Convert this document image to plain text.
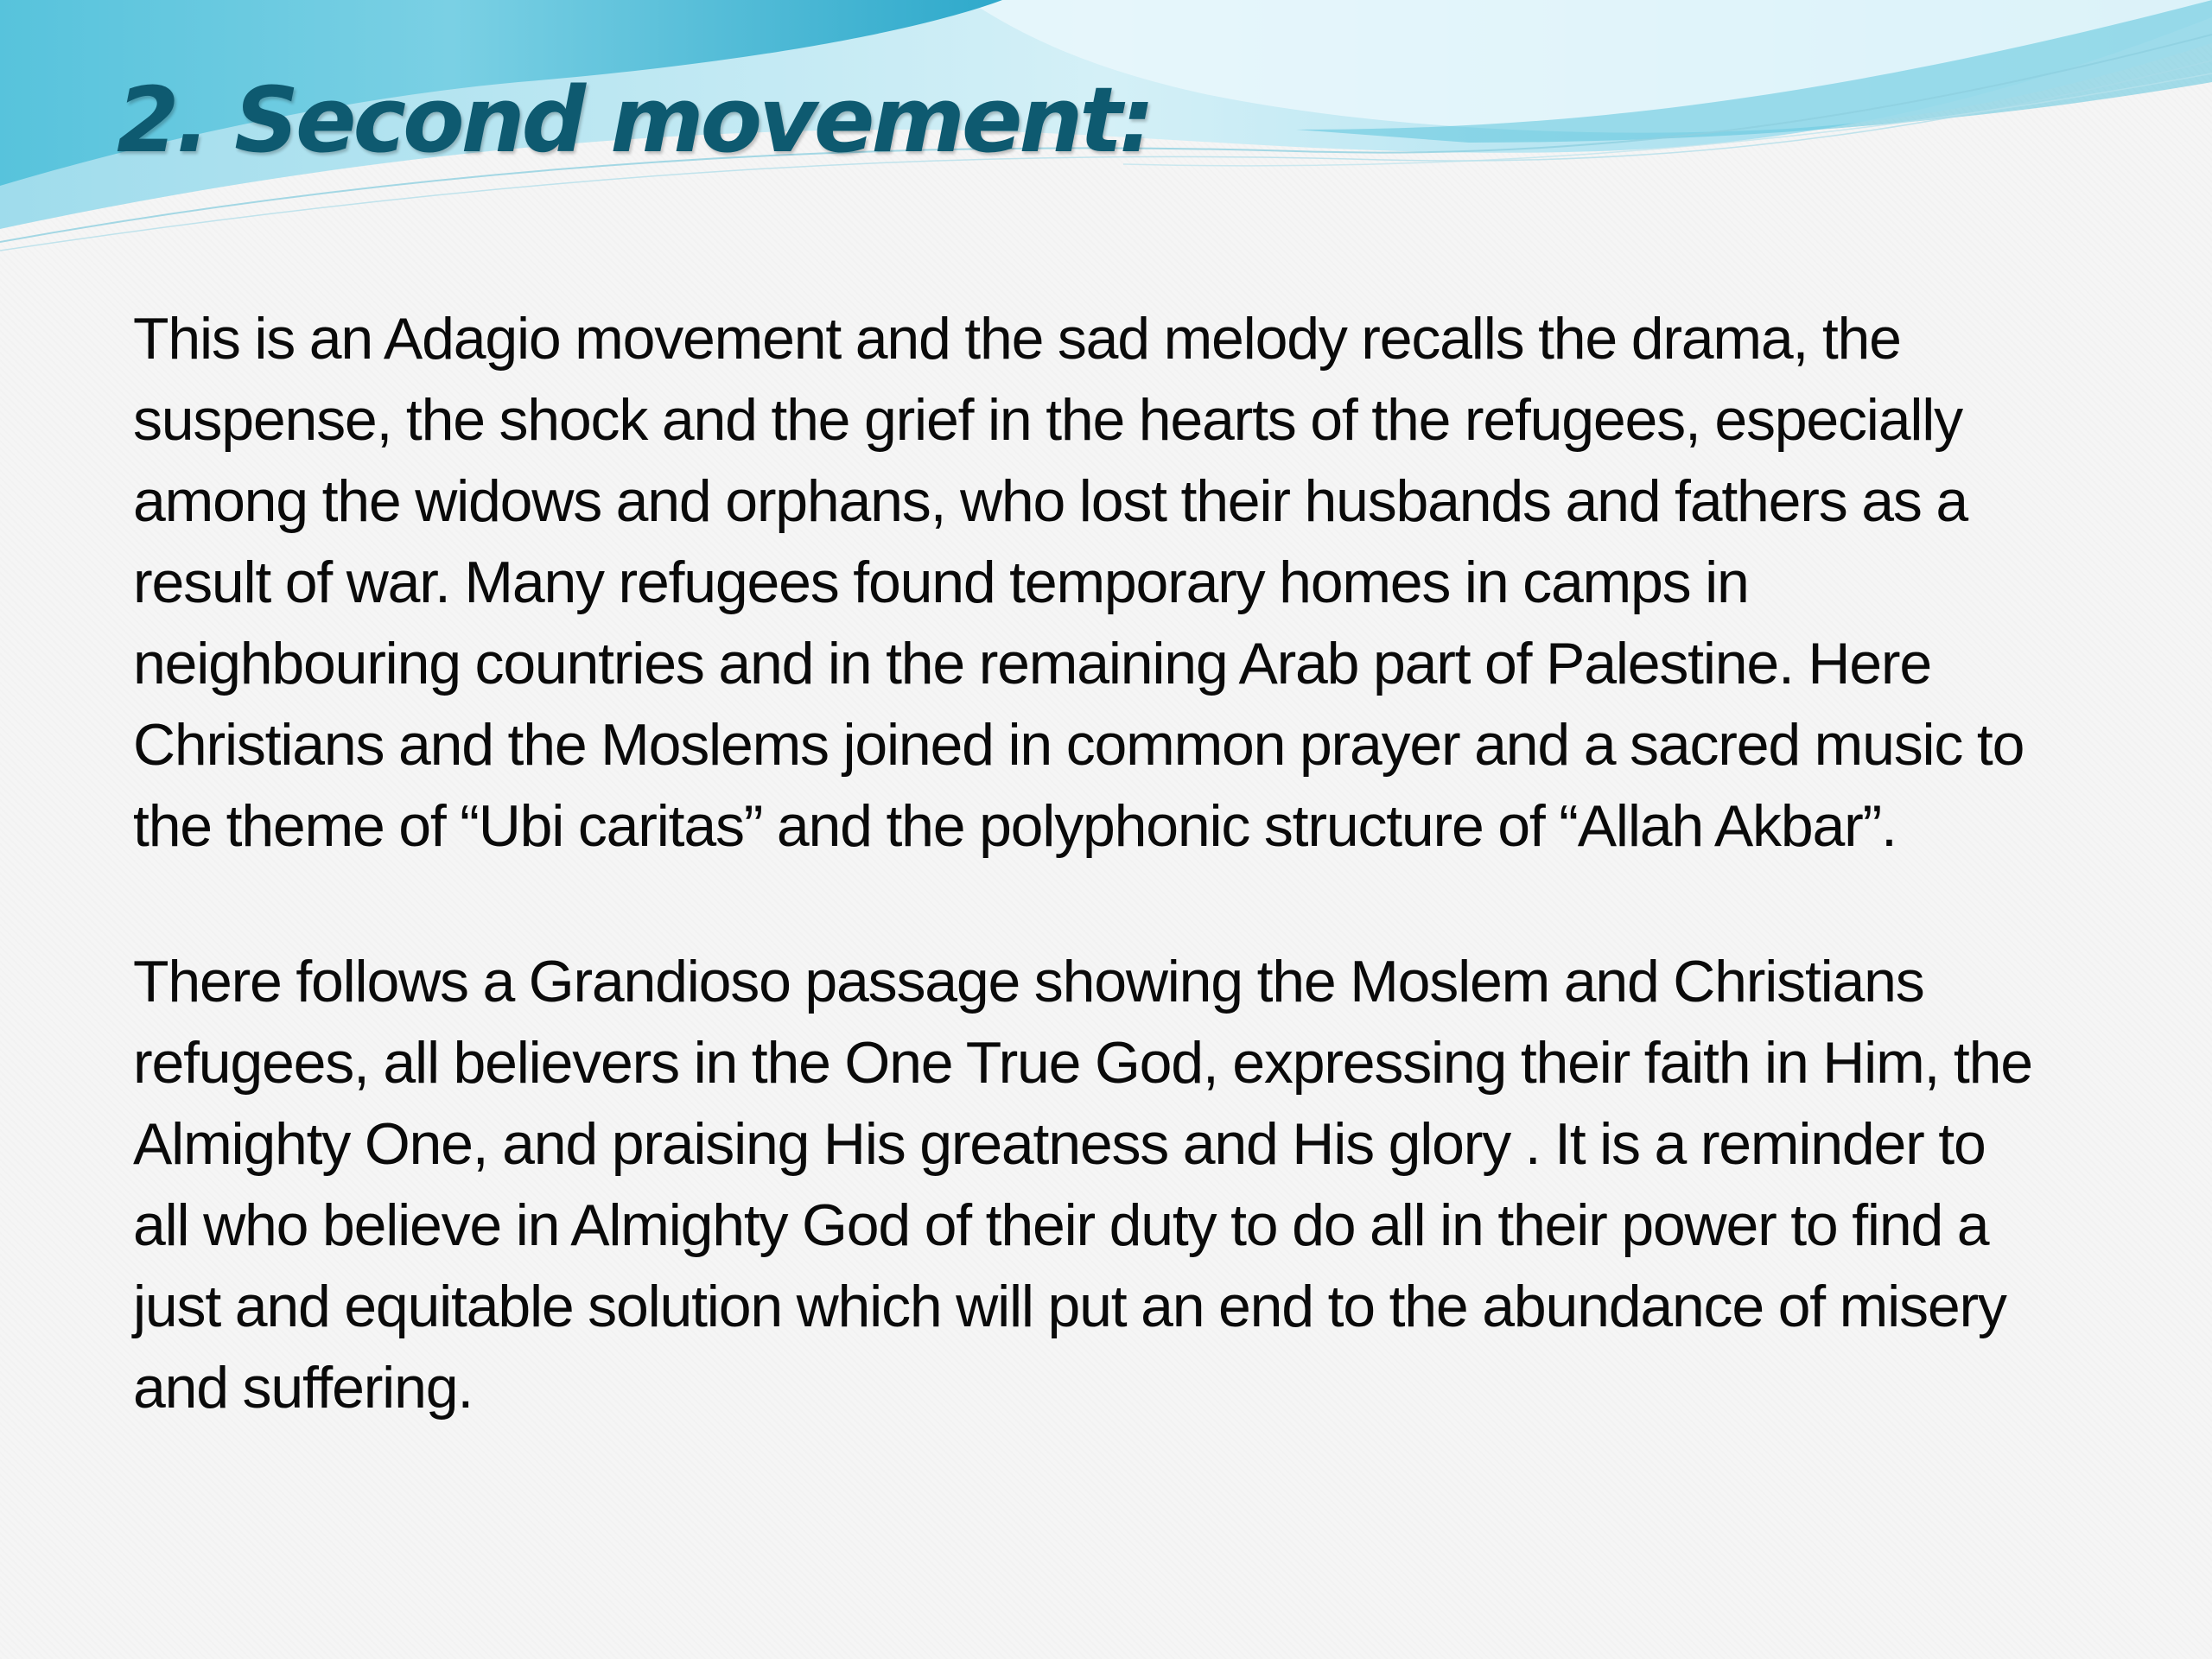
2. Second movement:

This is an Adagio movement and the sad melody recalls the drama, the
suspense, the shock and the grief in the hearts of the refugees, especially
among the widows and orphans, who lost their husbands and fathers as a
result of war. Many refugees found temporary homes in camps in
neighbouring countries and in the remaining Arab part of Palestine. Here
Christians and the Moslems joined in common prayer and a sacred music to
the theme of “Ubi caritas” and the polyphonic structure of “Allah Akbar”.

There follows a Grandioso passage showing the Moslem and Christians
refugees, all believers in the One True God, expressing their faith in Him, the
Almighty One, and praising His greatness and His glory . It is a reminder to
all who believe in Almighty God of their duty to do all in their power to find a
just and equitable solution which will put an end to the abundance of misery
and suffering.
